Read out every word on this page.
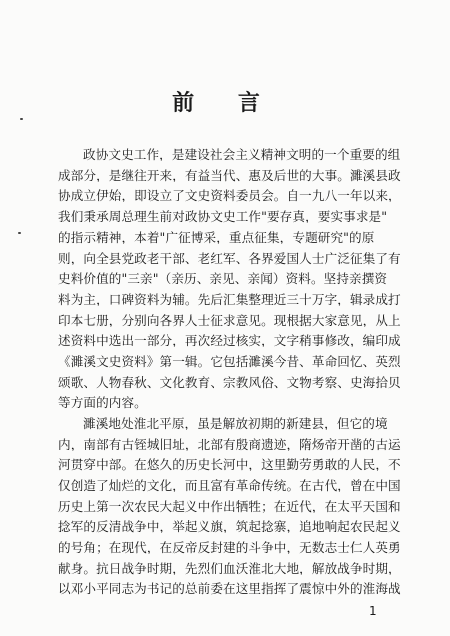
前 言
政协文史工作，是建设社会主义精神文明的一个重要的组
成部分，是继往开来，有益当代、惠及后世的大事。濉溪县政
协成立伊始，即设立了文史资料委员会。自一九八一年以来，
我们秉承周总理生前对政协文史工作"要存真，要实事求是"
的指示精神，本着"广征博采，重点征集，专题研究"的原
则，向全县党政老干部、老红军、各界爱国人士广泛征集了有
史料价值的"三亲"（亲历、亲见、亲闻）资料。坚持亲撰资
料为主，口碑资料为辅。先后汇集整理近三十万字，辑录成打
印本七册，分别向各界人士征求意见。现根据大家意见，从上
述资料中选出一部分，再次经过核实，文字稍事修改，编印成
《濉溪文史资料》第一辑。它包括濉溪今昔、革命回忆、英烈
颂歌、人物春秋、文化教育、宗教风俗、文物考察、史海拾贝
等方面的内容。
濉溪地处淮北平原，虽是解放初期的新建县，但它的境
内，南部有古铚城旧址，北部有殷商遗迹，隋炀帝开凿的古运
河贯穿中部。在悠久的历史长河中，这里勤劳勇敢的人民，不
仅创造了灿烂的文化，而且富有革命传统。在古代，曾在中国
历史上第一次农民大起义中作出牺牲；在近代，在太平天国和
捻军的反清战争中，举起义旗，筑起捻寨，追地响起农民起义
的号角；在现代，在反帝反封建的斗争中，无数志士仁人英勇
献身。抗日战争时期，先烈们血沃淮北大地，解放战争时期，
以邓小平同志为书记的总前委在这里指挥了震惊中外的淮海战
1
